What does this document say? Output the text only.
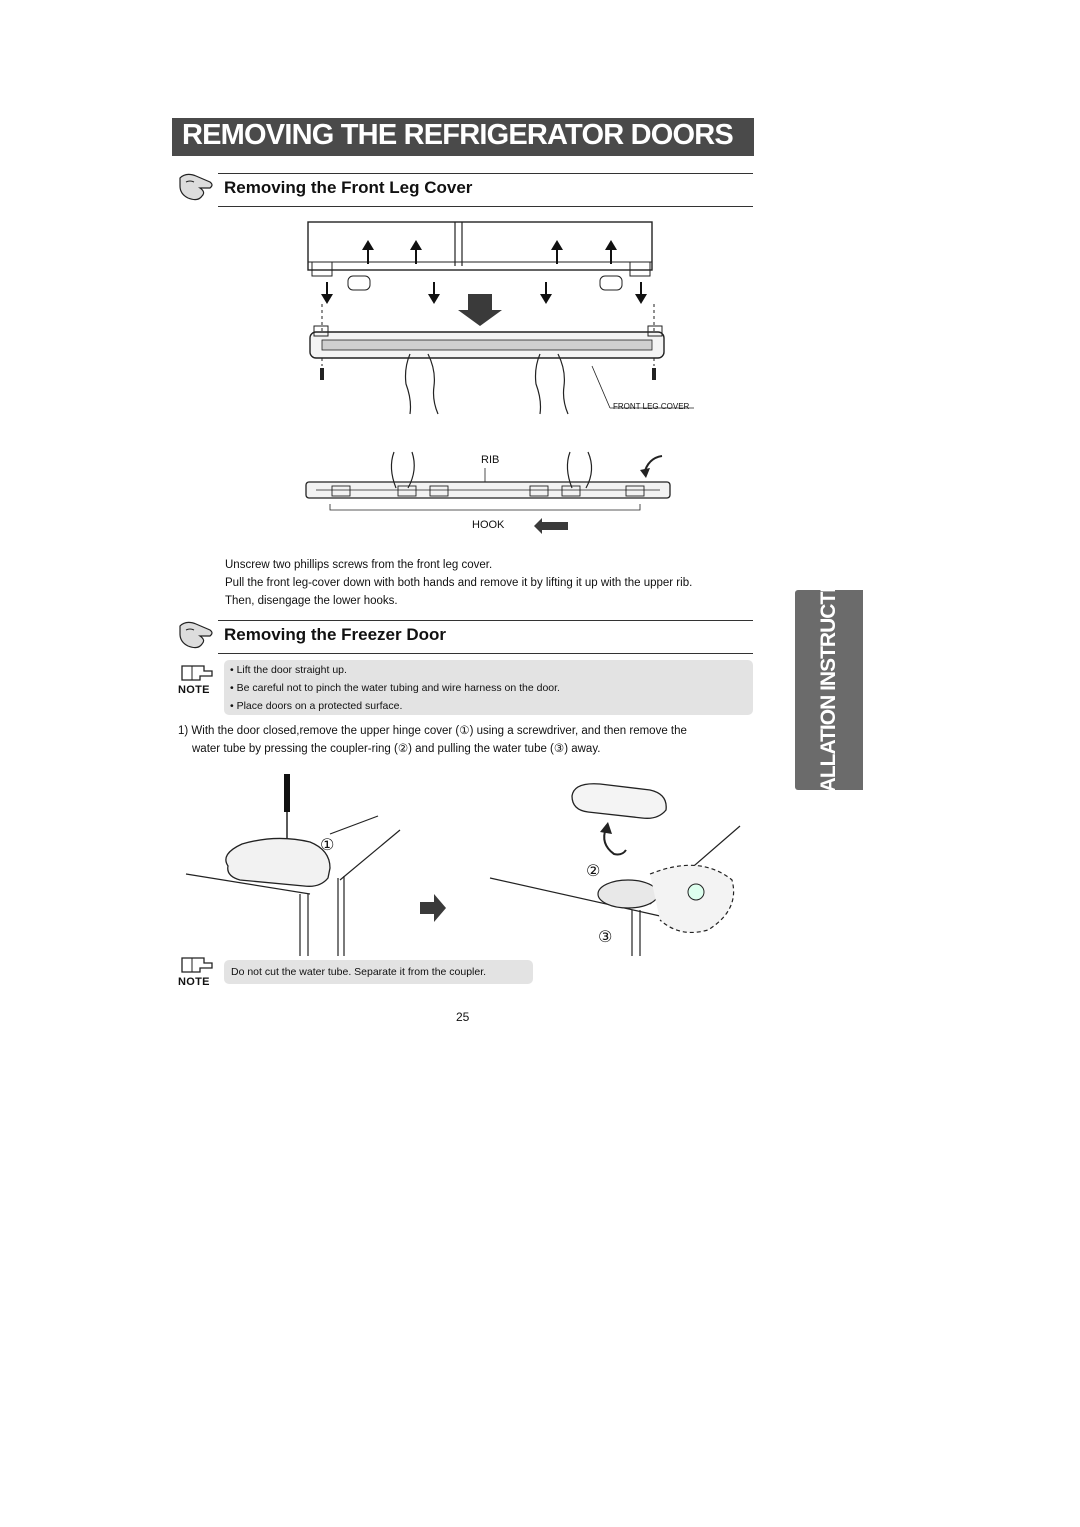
REMOVING THE REFRIGERATOR DOORS
INSTALLATION INSTRUCTIONS
Removing the Front Leg Cover
FRONT LEG COVER
RIB
HOOK
Unscrew two phillips screws from the front leg cover.
Pull the front leg-cover down with both hands and remove it by lifting it up with the upper rib.
Then, disengage the lower hooks.
Removing the Freezer Door
NOTE
• Lift the door straight up.
• Be careful not to pinch the water tubing and wire harness on the door.
• Place doors on a protected surface.
1) With the door closed,remove the upper hinge cover (①) using a screwdriver, and then remove the
water tube by pressing the coupler-ring (②) and pulling the water tube (③) away.
①
②
③
NOTE
Do not cut the water tube. Separate it from the coupler.
25
